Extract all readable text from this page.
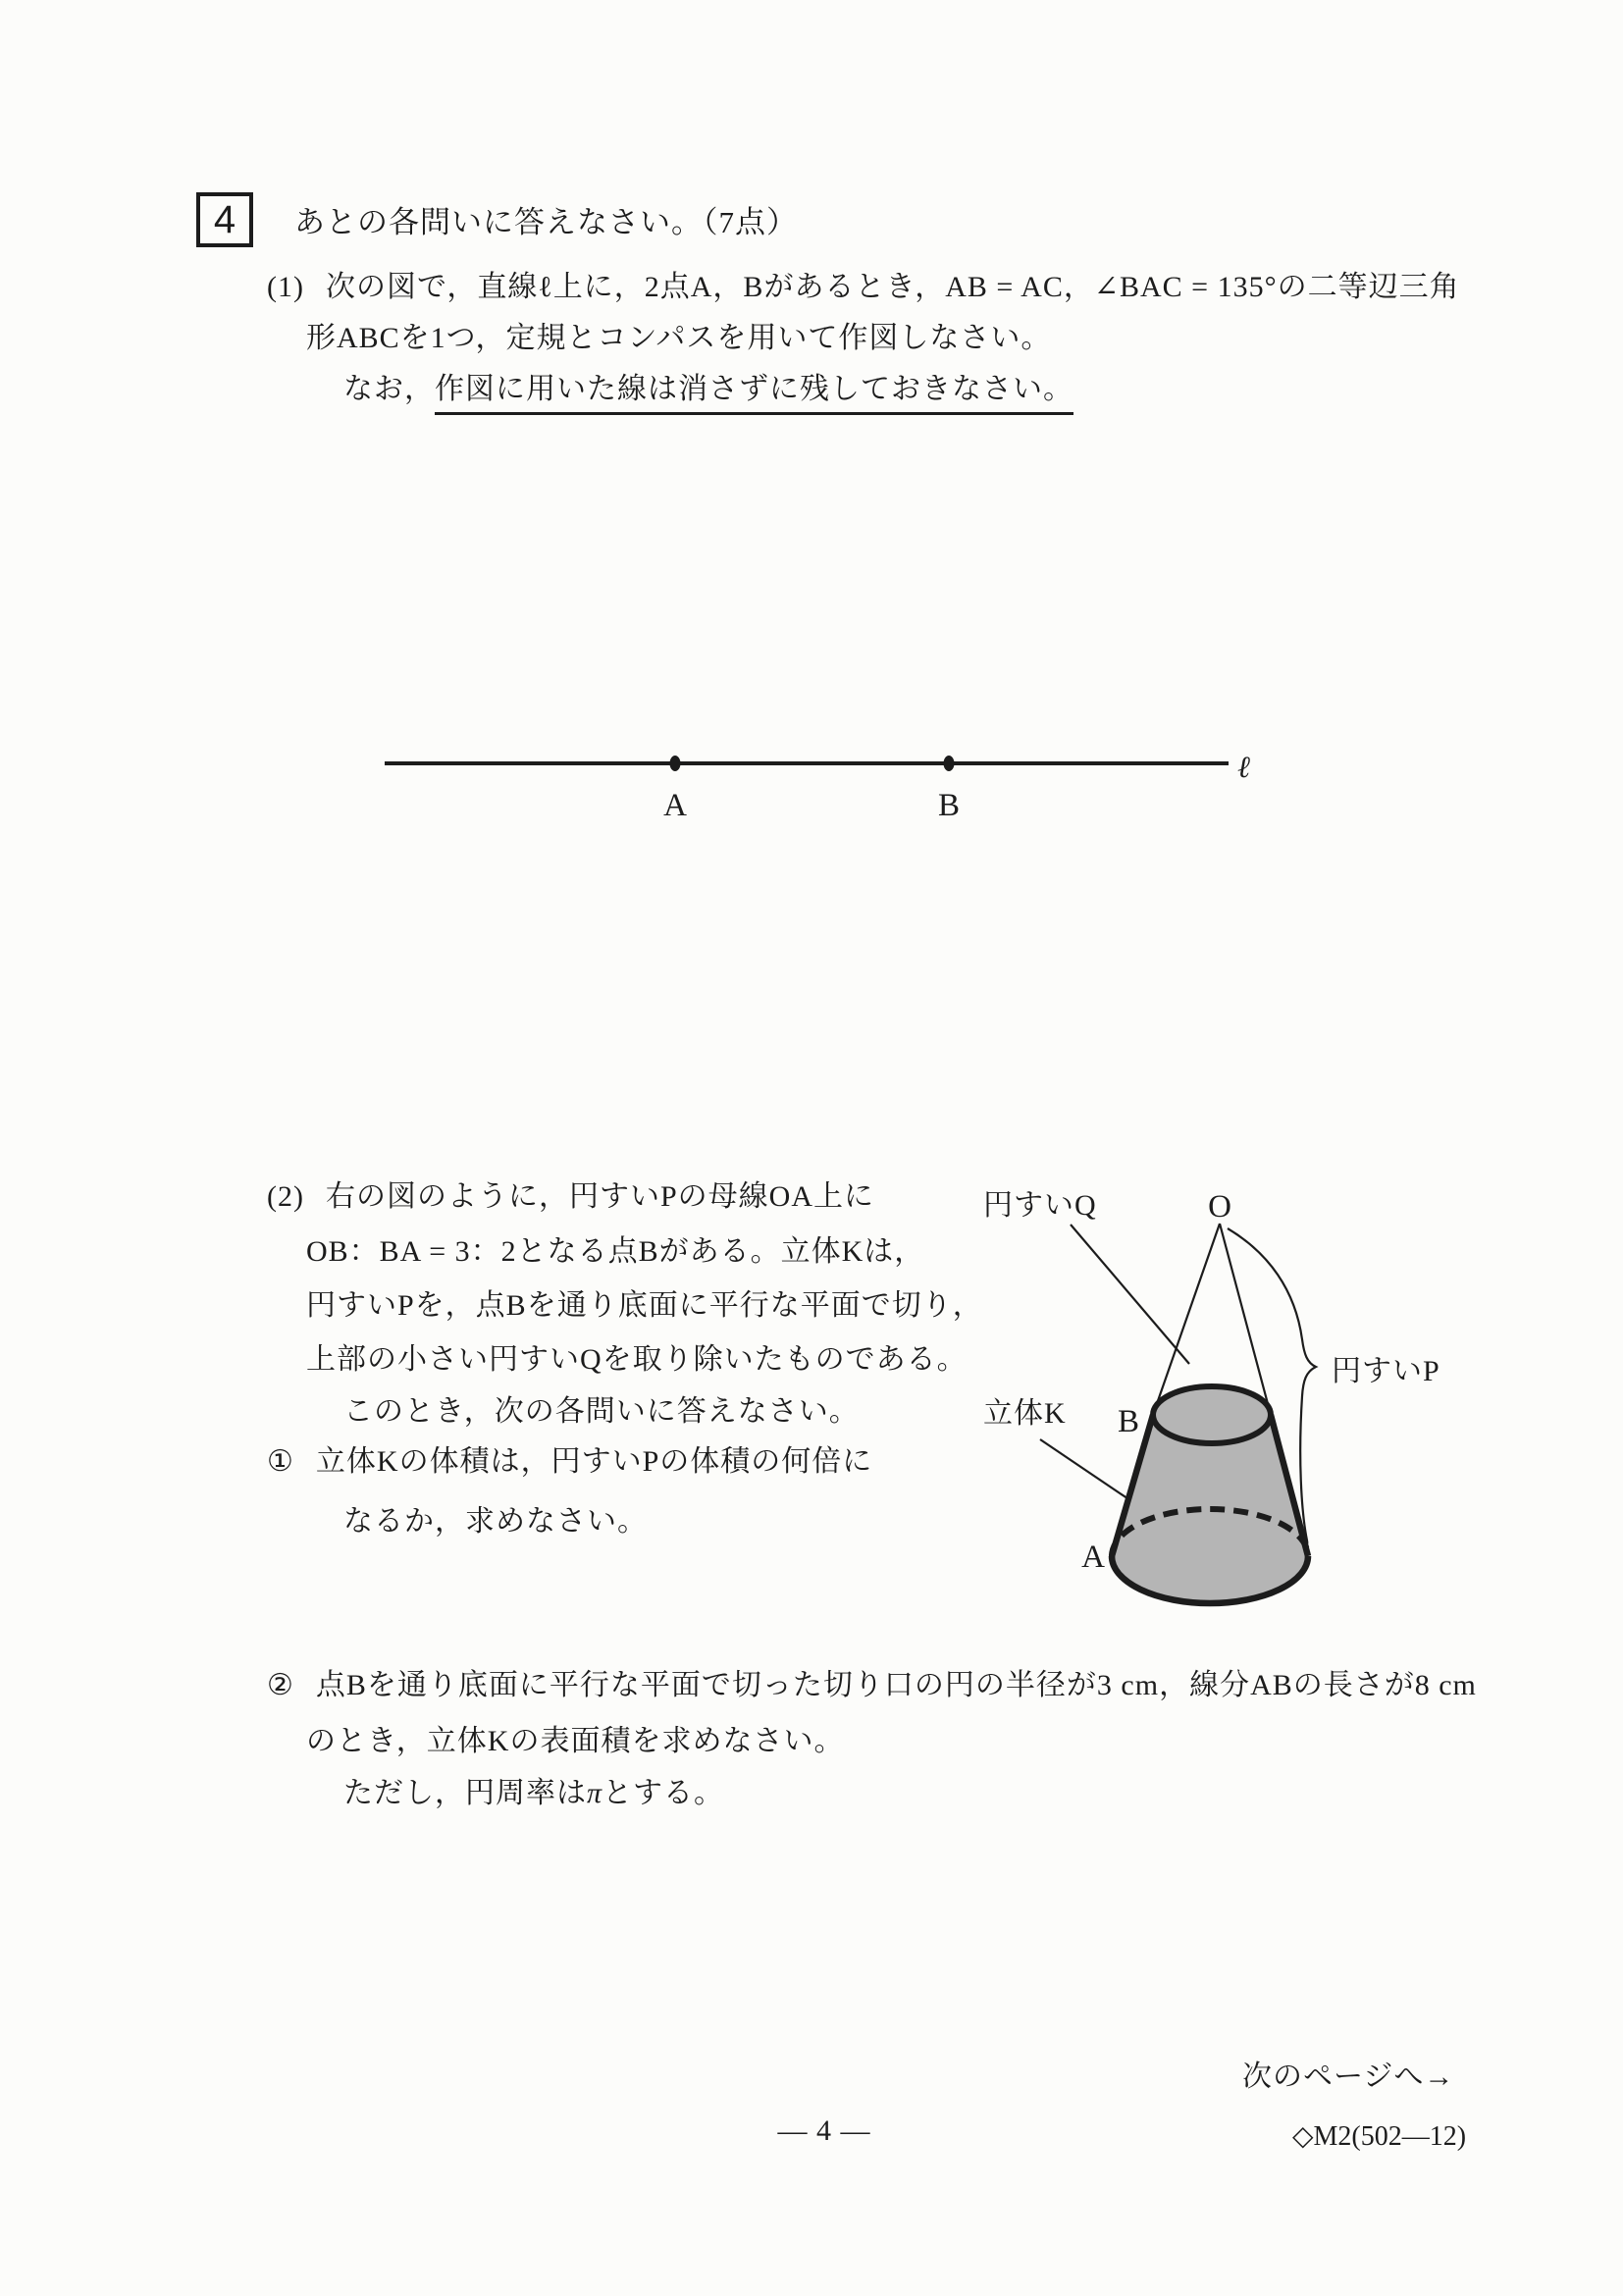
4 あとの各問いに答えなさい。（7点）
(1) 次の図で，直線ℓ上に，2点A，Bがあるとき，AB = AC，∠BAC = 135°の二等辺三角
形ABCを1つ，定規とコンパスを用いて作図しなさい。
なお，作図に用いた線は消さずに残しておきなさい。
A	B
ℓ
(2) 右の図のように，円すいPの母線OA上に
OB：BA = 3：2となる点Bがある。立体Kは，
円すいPを，点Bを通り底面に平行な平面で切り，
上部の小さい円すいQを取り除いたものである。
このとき，次の各問いに答えなさい。
① 立体Kの体積は，円すいPの体積の何倍に
なるか，求めなさい。
② 点Bを通り底面に平行な平面で切った切り口の円の半径が3 cm，線分ABの長さが8 cm
のとき，立体Kの表面積を求めなさい。
ただし，円周率はπとする。
O
円すいQ
立体K
円すいP
B
A
次のページへ→
— 4 —	◇M2(502—12)
